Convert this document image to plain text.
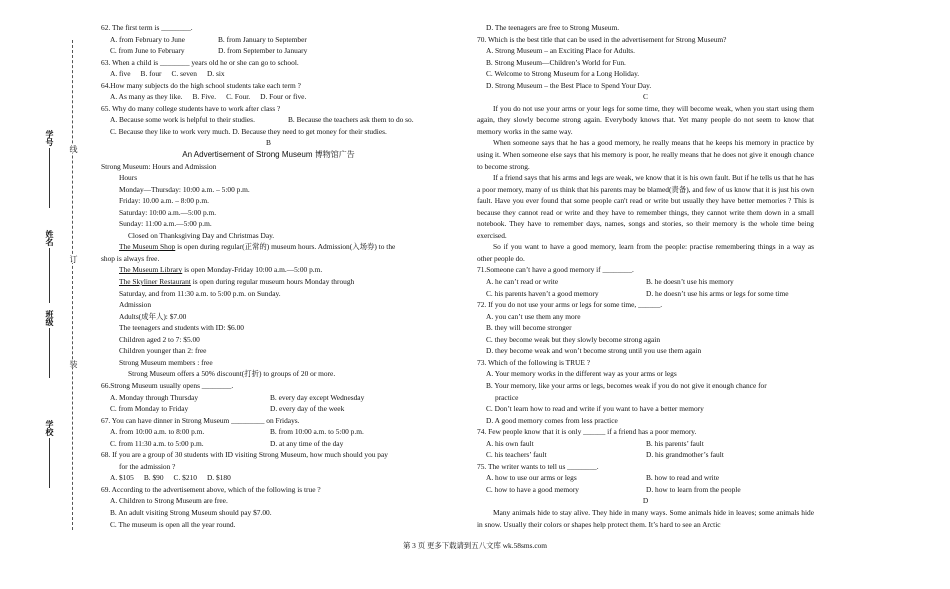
学号
姓名
班级
学校
线
订
装
62. The first term is ________.
A. from February to June	B. from January to September
C. from June to February	D. from September to January
63. When a child is ________ years old he or she can go to school.
A. five B. four C. seven D. six
64.How many subjects do the high school students take each term ?
A. As many as they like. B. Five. C. Four. D. Four or five.
65. Why do many college students have to work after class ?
A. Because some work is helpful to their studies.	B. Because the teachers ask them to do so.
C. Because they like to work very much. D. Because they need to get money for their studies.
B
An Advertisement of Strong Museum 博物馆广告
Strong Museum: Hours and Admission
Hours
Monday—Thursday: 10:00 a.m. – 5:00 p.m.
Friday: 10.00 a.m. – 8:00 p.m.
Saturday: 10:00 a.m.—5:00 p.m.
Sunday: 11:00 a.m.—5:00 p.m.
Closed on Thanksgiving Day and Christmas Day.
The Museum Shop is open during regular(正常的) museum hours. Admission(入场券) to the
shop is always free.
The Museum Library is open Monday-Friday 10:00 a.m.—5:00 p.m.
The Skyliner Restaurant is open during regular museum hours Monday through
Saturday, and from 11:30 a.m. to 5:00 p.m. on Sunday.
Admission
Adults(成年人): $7.00
The teenagers and students with ID: $6.00
Children aged 2 to 7: $5.00
Children younger than 2: free
Strong Museum members : free
Strong Museum offers a 50% discount(打折) to groups of 20 or more.
66.Strong Museum usually opens ________.
A. Monday through Thursday	B. every day except Wednesday
C. from Monday to Friday	D. every day of the week
67. You can have dinner in Strong Museum _________ on Fridays.
A. from 10:00 a.m. to 8:00 p.m.	B. from 10:00 a.m. to 5:00 p.m.
C. from 11:30 a.m. to 5:00 p.m.	D. at any time of the day
68. If you are a group of 30 students with ID visiting Strong Museum, how much should you pay
for the admission ?
A. $105 B. $90 C. $210 D. $180
69. According to the advertisement above, which of the following is true ?
A. Children to Strong Museum are free.
B. An adult visiting Strong Museum should pay $7.00.
C. The museum is open all the year round.
D. The teenagers are free to Strong Museum.
70. Which is the best title that can be used in the advertisement for Strong Museum?
A. Strong Museum – an Exciting Place for Adults.
B. Strong Museum—Children’s World for Fun.
C. Welcome to Strong Museum for a Long Holiday.
D. Strong Museum – the Best Place to Spend Your Day.
C
If you do not use your arms or your legs for some time, they will become weak, when you start using them again, they slowly become strong again. Everybody knows that. Yet many people do not seem to know that memory works in the same way.
When someone says that he has a good memory, he really means that he keeps his memory in practice by using it. When someone else says that his memory is poor, he really means that he does not give it enough chance to become strong.
If a friend says that his arms and legs are weak, we know that it is his own fault. But if he tells us that he has a poor memory, many of us think that his parents may be blamed(责备), and few of us know that it is just his own fault. Have you ever found that some people can't read or write but usually they have better memories ? This is because they cannot read or write and they have to remember things, they cannot write them down in a small notebook. They have to remember days, names, songs and stories, so their memory is the whole time being exercised.
So if you want to have a good memory, learn from the people: practise remembering things in a way as other people do.
71.Someone can’t have a good memory if ________.
A. he can’t read or write	B. he doesn’t use his memory
C. his parents haven’t a good memory	D. he doesn’t use his arms or legs for some time
72. If you do not use your arms or legs for some time, ______.
A. you can’t use them any more
B. they will become stronger
C. they become weak but they slowly become strong again
D. they become weak and won’t become strong until you use them again
73. Which of the following is TRUE ?
A. Your memory works in the different way as your arms or legs
B. Your memory, like your arms or legs, becomes weak if you do not give it enough chance for
practice
C. Don’t learn how to read and write if you want to have a better memory
D. A good memory comes from less practice
74. Few people know that it is only ______ if a friend has a poor memory.
A. his own fault	B. his parents’ fault
C. his teachers’ fault	D. his grandmother’s fault
75. The writer wants to tell us ________.
A. how to use our arms or legs	B. how to read and write
C. how to have a good memory	D. how to learn from the people
D
Many animals hide to stay alive. They hide in many ways. Some animals hide in leaves; some animals hide in snow. Usually their colors or shapes help protect them. It’s hard to see an Arctic
第 3 页 更多下载请到五八文库 wk.58sms.com
